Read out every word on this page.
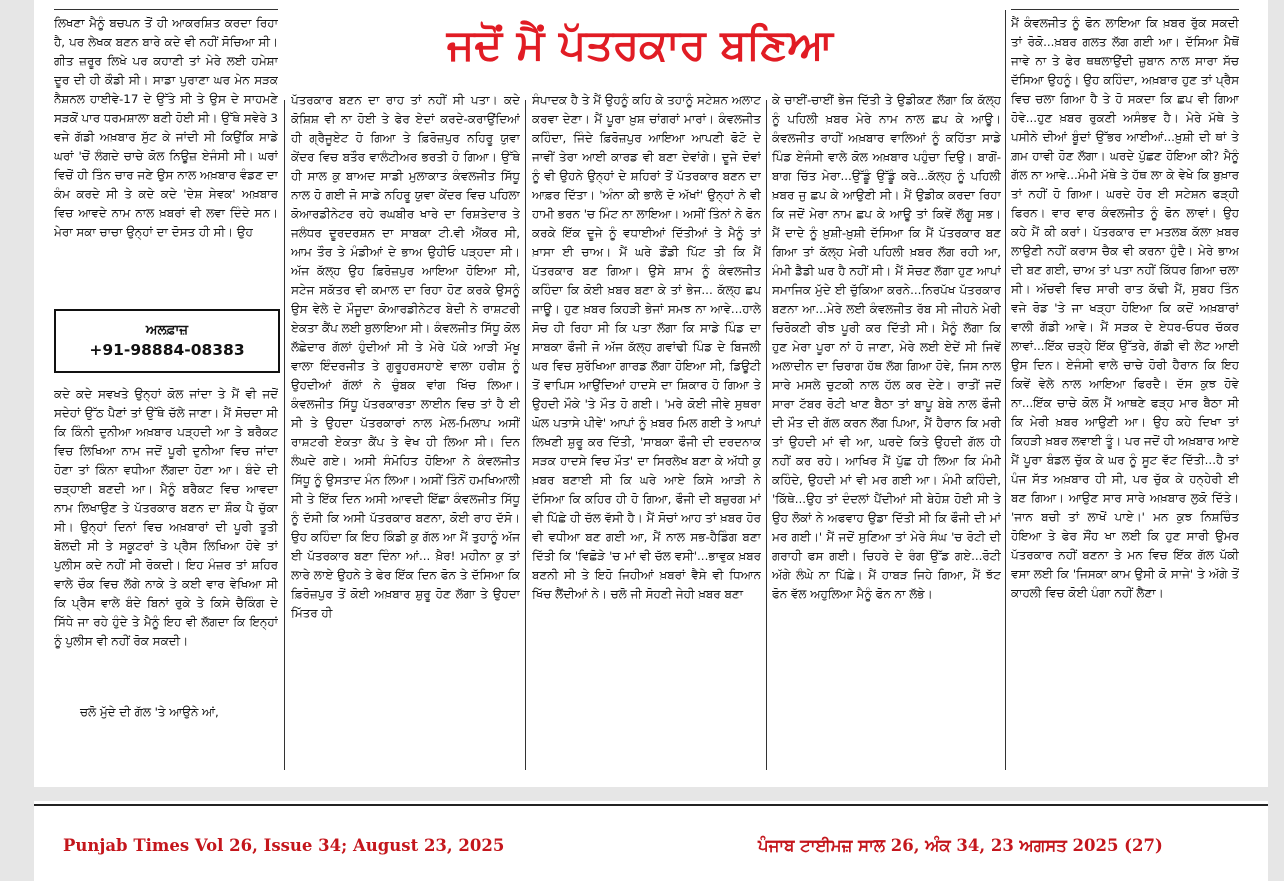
ਜਦੋਂ ਮੈਂ ਪੱਤਰਕਾਰ ਬਣਿਆ

ਲਿਖਣਾ ਮੈਨੂੰ ਬਚਪਨ ਤੋਂ ਹੀ ਆਕਰਸ਼ਿਤ ਕਰਦਾ ਰਿਹਾ ਹੈ, ਪਰ ਲੇਖਕ ਬਣਨ ਬਾਰੇ ਕਦੇ ਵੀ ਨਹੀਂ ਸੋਚਿਆ ਸੀ। ਗੀਤ ਜ਼ਰੂਰ ਲਿਖੇ ਪਰ ਕਹਾਣੀ ਤਾਂ ਮੇਰੇ ਲਈ ਹਮੇਸ਼ਾ ਦੂਰ ਦੀ ਹੀ ਕੌਡੀ ਸੀ। ਸਾਡਾ ਪੁਰਾਣਾ ਘਰ ਮੇਨ ਸੜਕ ਨੈਸ਼ਨਲ ਹਾਈਵੇ-17 ਦੇ ਉੱਤੇ ਸੀ ਤੇ ਉਸ ਦੇ ਸਾਹਮਣੇ ਸੜਕੋਂ ਪਾਰ ਧਰਮਸ਼ਾਲਾ ਬਣੀ ਹੋਈ ਸੀ। ਉੱਥੇ ਸਵੇਰੇ 3 ਵਜੇ ਗੱਡੀ ਅਖ਼ਬਾਰ ਸੁੱਟ ਕੇ ਜਾਂਦੀ ਸੀ ਕਿਉਂਕਿ ਸਾਡੇ ਘਰਾਂ 'ਚੋਂ ਲੰਗਦੇ ਚਾਚੇ ਕੋਲ ਨਿਊਜ਼ ਏਜੰਸੀ ਸੀ। ਘਰਾਂ ਵਿਚੋਂ ਹੀ ਤਿੰਨ ਚਾਰ ਜਣੇ ਉਸ ਨਾਲ ਅਖ਼ਬਾਰ ਵੰਡਣ ਦਾ ਕੰਮ ਕਰਦੇ ਸੀ ਤੇ ਕਦੇ ਕਦੇ 'ਦੇਸ਼ ਸੇਵਕ' ਅਖ਼ਬਾਰ ਵਿਚ ਆਵਦੇ ਨਾਮ ਨਾਲ ਖ਼ਬਰਾਂ ਵੀ ਲਵਾ ਦਿੰਦੇ ਸਨ। ਮੇਰਾ ਸਕਾ ਚਾਚਾ ਉਨ੍ਹਾਂ ਦਾ ਦੋਸਤ ਹੀ ਸੀ। ਉਹ

ਅਲਫ਼ਾਜ਼
+91-98884-08383

ਕਦੇ ਕਦੇ ਸਵਖਤੇ ਉਨ੍ਹਾਂ ਕੋਲ ਜਾਂਦਾ ਤੇ ਮੈਂ ਵੀ ਜਦੋਂ ਸਦੇਹਾਂ ਉੱਠ ਪੈਣਾਂ ਤਾਂ ਉੱਥੇ ਚੱਲੇ ਜਾਣਾ। ਮੈਂ ਸੋਚਦਾ ਸੀ ਕਿ ਕਿੰਨੀ ਦੁਨੀਆ ਅਖ਼ਬਾਰ ਪੜ੍ਹਦੀ ਆ ਤੇ ਬਰੈਕਟ ਵਿਚ ਲਿਖਿਆ ਨਾਮ ਜਦੋਂ ਪੂਰੀ ਦੁਨੀਆ ਵਿਚ ਜਾਂਦਾ ਹੋਣਾ ਤਾਂ ਕਿੰਨਾ ਵਧੀਆ ਲੱਗਦਾ ਹੋਣਾ ਆ। ਬੰਦੇ ਦੀ ਚੜ੍ਹਾਈ ਬਣਦੀ ਆ। ਮੈਨੂੰ ਬਰੈਕਟ ਵਿਚ ਆਵਦਾ ਨਾਮ ਲਿਖਾਉਣ ਤੇ ਪੱਤਰਕਾਰ ਬਣਨ ਦਾ ਸ਼ੌਕ ਪੈ ਚੁੱਕਾ ਸੀ। ਉਨ੍ਹਾਂ ਦਿਨਾਂ ਵਿਚ ਅਖ਼ਬਾਰਾਂ ਦੀ ਪੂਰੀ ਤੂਤੀ ਬੋਲਦੀ ਸੀ ਤੇ ਸਕੂਟਰਾਂ ਤੇ ਪ੍ਰੈਸ ਲਿਖਿਆ ਹੋਵੇ ਤਾਂ ਪੁਲੀਸ ਕਦੇ ਨਹੀਂ ਸੀ ਰੋਕਦੀ। ਇਹ ਮੰਜ਼ਰ ਤਾਂ ਸ਼ਹਿਰ ਵਾਲੇ ਚੌਕ ਵਿਚ ਲੱਗੇ ਨਾਕੇ ਤੇ ਕਈ ਵਾਰ ਵੇਖਿਆ ਸੀ ਕਿ ਪ੍ਰੈਸ ਵਾਲੇ ਬੰਦੇ ਬਿਨਾਂ ਰੁਕੇ ਤੇ ਕਿਸੇ ਚੈਕਿੰਗ ਦੇ ਸਿੱਧੇ ਜਾ ਰਹੇ ਹੁੰਦੇ ਤੇ ਮੈਨੂੰ ਇਹ ਵੀ ਲੱਗਦਾ ਕਿ ਇਨ੍ਹਾਂ ਨੂੰ ਪੁਲੀਸ ਵੀ ਨਹੀਂ ਰੋਕ ਸਕਦੀ।

ਚਲੋ ਮੁੱਦੇ ਦੀ ਗੱਲ 'ਤੇ ਆਉਨੇ ਆਂ,

ਪੱਤਰਕਾਰ ਬਣਨ ਦਾ ਰਾਹ ਤਾਂ ਨਹੀਂ ਸੀ ਪਤਾ। ਕਦੇ ਕੋਸ਼ਿਸ਼ ਵੀ ਨਾ ਹੋਈ ਤੇ ਫੇਰ ਏਦਾਂ ਕਰਦੇ-ਕਰਾਉਂਦਿਆਂ ਹੀ ਗ੍ਰੈਜੂਏਟ ਹੋ ਗਿਆ ਤੇ ਫ਼ਿਰੋਜ਼ਪੁਰ ਨਹਿਰੂ ਯੁਵਾ ਕੇਂਦਰ ਵਿਚ ਬਤੌਰ ਵਾਲੰਟੀਅਰ ਭਰਤੀ ਹੋ ਗਿਆ। ਉੱਥੇ ਹੀ ਸਾਲ ਕੁ ਬਾਅਦ ਸਾਡੀ ਮੁਲਾਕਾਤ ਕੰਵਲਜੀਤ ਸਿੱਧੂ ਨਾਲ ਹੋ ਗਈ ਜੋ ਸਾਡੇ ਨਹਿਰੂ ਯੁਵਾ ਕੇਂਦਰ ਵਿਚ ਪਹਿਲਾ ਕੋਆਰਡੀਨੇਟਰ ਰਹੇ ਰਘਬੀਰ ਖਾਰੇ ਦਾ ਰਿਸ਼ਤੇਦਾਰ ਤੇ ਜਲੰਧਰ ਦੂਰਦਰਸ਼ਨ ਦਾ ਸਾਬਕਾ ਟੀ.ਵੀ ਐਂਕਰ ਸੀ, ਆਮ ਤੌਰ ਤੇ ਮੰਡੀਆਂ ਦੇ ਭਾਅ ਉਹੀਓ ਪੜ੍ਹਦਾ ਸੀ। ਅੱਜ ਕੱਲ੍ਹ ਉਹ ਫ਼ਿਰੋਜ਼ਪੁਰ ਆਇਆ ਹੋਇਆ ਸੀ, ਸਟੇਜ ਸਕੱਤਰ ਵੀ ਕਮਾਲ ਦਾ ਰਿਹਾ ਹੋਣ ਕਰਕੇ ਉਸਨੂੰ ਉਸ ਵੇਲੇ ਦੇ ਮੌਜੂਦਾ ਕੋਆਰਡੀਨੇਟਰ ਬੇਦੀ ਨੇ ਰਾਸ਼ਟਰੀ ਏਕਤਾ ਕੈਂਪ ਲਈ ਬੁਲਾਇਆ ਸੀ। ਕੰਵਲਜੀਤ ਸਿੱਧੂ ਕੋਲ ਲੱਛੇਦਾਰ ਗੱਲਾਂ ਹੁੰਦੀਆਂ ਸੀ ਤੇ ਮੇਰੇ ਪੱਕੇ ਆੜੀ ਮੱਖੂ ਵਾਲਾ ਇੰਦਰਜੀਤ ਤੇ ਗੁਰੂਹਰਸਹਾਏ ਵਾਲਾ ਹਰੀਸ਼ ਨੂੰ ਉਹਦੀਆਂ ਗੱਲਾਂ ਨੇ ਚੁੰਬਕ ਵਾਂਗ ਖਿੱਚ ਲਿਆ। ਕੰਵਲਜੀਤ ਸਿੱਧੂ ਪੱਤਰਕਾਰਤਾ ਲਾਈਨ ਵਿਚ ਤਾਂ ਹੈ ਈ ਸੀ ਤੇ ਉਹਦਾ ਪੱਤਰਕਾਰਾਂ ਨਾਲ ਮੇਲ-ਮਿਲਾਪ ਅਸੀਂ ਰਾਸ਼ਟਰੀ ਏਕਤਾ ਕੈਂਪ ਤੇ ਵੇਖ ਹੀ ਲਿਆ ਸੀ। ਦਿਨ ਲੰਘਦੇ ਗਏ। ਅਸੀ ਸੰਮੋਹਿਤ ਹੋਇਆ ਨੇ ਕੰਵਲਜੀਤ ਸਿੱਧੂ ਨੂੰ ਉਸਤਾਦ ਮੰਨ ਲਿਆ। ਅਸੀਂ ਤਿੰਨੋਂ ਹਮਖਿਆਲੀ ਸੀ ਤੇ ਇੱਕ ਦਿਨ ਅਸੀ ਆਵਦੀ ਇੱਛਾ ਕੰਵਲਜੀਤ ਸਿੱਧੂ ਨੂੰ ਦੱਸੀ ਕਿ ਅਸੀ ਪੱਤਰਕਾਰ ਬਣਨਾ, ਕੋਈ ਰਾਹ ਦੱਸੋ। ਉਹ ਕਹਿੰਦਾ ਕਿ ਇਹ ਕਿੰਡੀ ਕੁ ਗੱਲ ਆ ਮੈਂ ਤੁਹਾਨੂੰ ਅੱਜ ਈ ਪੱਤਰਕਾਰ ਬਣਾ ਦਿੰਨਾ ਆਂ... ਖ਼ੈਰ! ਮਹੀਨਾ ਕੁ ਤਾਂ ਲਾਰੇ ਲਾਏ ਉਹਨੇ ਤੇ ਫੇਰ ਇੱਕ ਦਿਨ ਫੋਨ ਤੇ ਦੱਸਿਆ ਕਿ ਫ਼ਿਰੋਜ਼ਪੁਰ ਤੋਂ ਕੋਈ ਅਖ਼ਬਾਰ ਸ਼ੁਰੂ ਹੋਣ ਲੱਗਾ ਤੇ ਉਹਦਾ ਮਿੱਤਰ ਹੀ

ਸੰਪਾਦਕ ਹੈ ਤੇ ਮੈਂ ਉਹਨੂੰ ਕਹਿ ਕੇ ਤਹਾਨੂੰ ਸਟੇਸ਼ਨ ਅਲਾਟ ਕਰਵਾ ਦੇਣਾ। ਮੈਂ ਪੂਰਾ ਖ਼ੁਸ਼ ਚਾਂਗਰਾਂ ਮਾਰਾਂ। ਕੰਵਲਜੀਤ ਕਹਿੰਦਾ, ਜਿੰਦੇ ਫ਼ਿਰੋਜ਼ਪੁਰ ਆਇਆ ਆਪਣੀ ਫੋਟੋ ਦੇ ਜਾਵੀਂ ਤੇਰਾ ਆਈ ਕਾਰਡ ਵੀ ਬਣਾ ਦੇਵਾਂਗੇ। ਦੂਜੇ ਦੋਵਾਂ ਨੂੰ ਵੀ ਉਹਨੇ ਉਨ੍ਹਾਂ ਦੇ ਸ਼ਹਿਰਾਂ ਤੋਂ ਪੱਤਰਕਾਰ ਬਣਨ ਦਾ ਆਫ਼ਰ ਦਿੱਤਾ। 'ਅੰਨਾ ਕੀ ਭਾਲੇ ਦੋ ਅੱਖਾਂ' ਉਨ੍ਹਾਂ ਨੇ ਵੀ ਹਾਮੀ ਭਰਨ 'ਚ ਮਿੰਟ ਨਾ ਲਾਇਆ। ਅਸੀਂ ਤਿੰਨਾਂ ਨੇ ਫੋਨ ਕਰਕੇ ਇੱਕ ਦੂਜੇ ਨੂੰ ਵਧਾਈਆਂ ਦਿੱਤੀਆਂ ਤੇ ਮੈਨੂੰ ਤਾਂ ਖ਼ਾਸਾ ਈ ਚਾਅ। ਮੈਂ ਘਰੇ ਡੌਂਡੀ ਪਿੱਟ ਤੀ ਕਿ ਮੈਂ ਪੱਤਰਕਾਰ ਬਣ ਗਿਆ। ਉਸੇ ਸ਼ਾਮ ਨੂੰ ਕੰਵਲਜੀਤ ਕਹਿੰਦਾ ਕਿ ਕੋਈ ਖ਼ਬਰ ਬਣਾ ਕੇ ਤਾਂ ਭੇਜ... ਕੱਲ੍ਹ ਛਪ ਜਾਊ। ਹੁਣ ਖ਼ਬਰ ਕਿਹੜੀ ਭੇਜਾਂ ਸਮਝ ਨਾ ਆਵੇ...ਹਾਲੇ ਸੋਚ ਹੀ ਰਿਹਾ ਸੀ ਕਿ ਪਤਾ ਲੱਗਾ ਕਿ ਸਾਡੇ ਪਿੰਡ ਦਾ ਸਾਬਕਾ ਫੌਜੀ ਜੋ ਅੱਜ ਕੱਲ੍ਹ ਗਵਾਂਢੀ ਪਿੰਡ ਦੇ ਬਿਜਲੀ ਘਰ ਵਿਚ ਸੁਰੱਖਿਆ ਗਾਰਡ ਲੱਗਾ ਹੋਇਆ ਸੀ, ਡਿਊਟੀ ਤੋਂ ਵਾਪਿਸ ਆਉਂਦਿਆਂ ਹਾਦਸੇ ਦਾ ਸ਼ਿਕਾਰ ਹੋ ਗਿਆ ਤੇ ਉਹਦੀ ਮੌਕੇ 'ਤੇ ਮੌਤ ਹੋ ਗਈ। 'ਮਰੇ ਕੋਈ ਜੀਵੇ ਸੁਥਰਾ ਘੋਲ ਪਤਾਸੇ ਪੀਵੇ' ਆਪਾਂ ਨੂੰ ਖ਼ਬਰ ਮਿਲ ਗਈ ਤੇ ਆਪਾਂ ਲਿਖਣੀ ਸ਼ੁਰੂ ਕਰ ਦਿੱਤੀ, 'ਸਾਬਕਾ ਫੌਜੀ ਦੀ ਦਰਦਨਾਕ ਸੜਕ ਹਾਦਸੇ ਵਿਚ ਮੌਤ' ਦਾ ਸਿਰਲੇਖ ਬਣਾ ਕੇ ਅੱਧੀ ਕੁ ਖ਼ਬਰ ਬਣਾਈ ਸੀ ਕਿ ਘਰੇ ਆਏ ਕਿਸੇ ਆੜੀ ਨੇ ਦੱਸਿਆ ਕਿ ਕਹਿਰ ਹੀ ਹੋ ਗਿਆ, ਫੌਜੀ ਦੀ ਬਜ਼ੁਰਗ ਮਾਂ ਵੀ ਪਿੱਛੇ ਹੀ ਚੱਲ ਵੱਸੀ ਹੈ। ਮੈਂ ਸੋਚਾਂ ਆਹ ਤਾਂ ਖ਼ਬਰ ਹੋਰ ਵੀ ਵਧੀਆ ਬਣ ਗਈ ਆ, ਮੈਂ ਨਾਲ ਸਭ-ਹੈਡਿੰਗ ਬਣਾ ਦਿੱਤੀ ਕਿ 'ਵਿਛੋੜੇ 'ਚ ਮਾਂ ਵੀ ਚੱਲ ਵਸੀ'...ਭਾਵੁਕ ਖ਼ਬਰ ਬਣਨੀ ਸੀ ਤੇ ਇਹੋ ਜਿਹੀਆਂ ਖ਼ਬਰਾਂ ਵੈਸੇ ਵੀ ਧਿਆਨ ਖਿੱਚ ਲੈਂਦੀਆਂ ਨੇ। ਚਲੋ ਜੀ ਸੋਹਣੀ ਜੇਹੀ ਖ਼ਬਰ ਬਣਾ

ਕੇ ਚਾਈਂ-ਚਾਈਂ ਭੇਜ ਦਿੱਤੀ ਤੇ ਉਡੀਕਣ ਲੱਗਾ ਕਿ ਕੱਲ੍ਹ ਨੂੰ ਪਹਿਲੀ ਖ਼ਬਰ ਮੇਰੇ ਨਾਮ ਨਾਲ ਛਪ ਕੇ ਆਊ। ਕੰਵਲਜੀਤ ਰਾਹੀਂ ਅਖ਼ਬਾਰ ਵਾਲਿਆਂ ਨੂੰ ਕਹਿੱਤਾ ਸਾਡੇ ਪਿੰਡ ਏਜੰਸੀ ਵਾਲੇ ਕੋਲ ਅਖ਼ਬਾਰ ਪਹੁੰਚਾ ਦਿਉ। ਬਾਗੋਂ-ਬਾਗ ਚਿੱਤ ਮੇਰਾ...ਉੱਡੂੰ ਉੱਡੂੰ ਕਰੇ...ਕੱਲ੍ਹ ਨੂੰ ਪਹਿਲੀ ਖ਼ਬਰ ਜੁ ਛਪ ਕੇ ਆਉਣੀ ਸੀ। ਮੈਂ ਉਡੀਕ ਕਰਦਾ ਰਿਹਾ ਕਿ ਜਦੋਂ ਮੇਰਾ ਨਾਮ ਛਪ ਕੇ ਆਊ ਤਾਂ ਕਿਵੇਂ ਲੱਗੂ ਸਭ। ਮੈਂ ਦਾਦੇ ਨੂੰ ਖ਼ੁਸ਼ੀ-ਖ਼ੁਸ਼ੀ ਦੱਸਿਆ ਕਿ ਮੈਂ ਪੱਤਰਕਾਰ ਬਣ ਗਿਆ ਤਾਂ ਕੱਲ੍ਹ ਮੇਰੀ ਪਹਿਲੀ ਖ਼ਬਰ ਲੱਗ ਰਹੀ ਆ, ਮੰਮੀ ਡੈਡੀ ਘਰ ਹੈ ਨਹੀਂ ਸੀ। ਮੈਂ ਸੋਚਣ ਲੱਗਾ ਹੁਣ ਆਪਾਂ ਸਮਾਜਿਕ ਮੁੱਦੇ ਈ ਚੁੱਕਿਆ ਕਰਨੇ...ਨਿਰਪੱਖ ਪੱਤਰਕਾਰ ਬਣਨਾ ਆ...ਮੇਰੇ ਲਈ ਕੰਵਲਜੀਤ ਰੱਬ ਸੀ ਜੀਹਨੇ ਮੇਰੀ ਚਿਰੋਕਣੀ ਰੀਝ ਪੂਰੀ ਕਰ ਦਿੱਤੀ ਸੀ। ਮੈਨੂੰ ਲੱਗਾ ਕਿ ਹੁਣ ਮੇਰਾ ਪੂਰਾ ਨਾਂ ਹੋ ਜਾਣਾ, ਮੇਰੇ ਲਈ ਏਦੇਂ ਸੀ ਜਿਵੇਂ ਅਲਾਦੀਨ ਦਾ ਚਿਰਾਗ ਹੱਥ ਲੱਗ ਗਿਆ ਹੋਵੇ, ਜਿਸ ਨਾਲ ਸਾਰੇ ਮਸਲੇ ਚੁਟਕੀ ਨਾਲ ਹੱਲ ਕਰ ਦੇਣੇ। ਰਾਤੀਂ ਜਦੋਂ ਸਾਰਾ ਟੱਬਰ ਰੋਟੀ ਖਾਣ ਬੈਠਾ ਤਾਂ ਬਾਪੂ ਬੇਬੇ ਨਾਲ ਫੌਜੀ ਦੀ ਮੌਤ ਦੀ ਗੱਲ ਕਰਨ ਲੱਗ ਪਿਆ, ਮੈਂ ਹੈਰਾਨ ਕਿ ਮਰੀ ਤਾਂ ਉਹਦੀ ਮਾਂ ਵੀ ਆ, ਘਰਦੇ ਕਿਤੇ ਉਹਦੀ ਗੱਲ ਹੀ ਨਹੀਂ ਕਰ ਰਹੇ। ਆਖਿਰ ਮੈਂ ਪੁੱਛ ਹੀ ਲਿਆ ਕਿ ਮੰਮੀ ਕਹਿੰਦੇ, ਉਹਦੀ ਮਾਂ ਵੀ ਮਰ ਗਈ ਆ। ਮੰਮੀ ਕਹਿੰਦੀ, 'ਕਿੱਥੇ...ਉਹ ਤਾਂ ਦੰਦਲਾਂ ਪੈਂਦੀਆਂ ਸੀ ਬੇਹੋਸ਼ ਹੋਈ ਸੀ ਤੇ ਉਹ ਲੋਕਾਂ ਨੇ ਅਫਵਾਹ ਉਡਾ ਦਿੱਤੀ ਸੀ ਕਿ ਫੌਜੀ ਦੀ ਮਾਂ ਮਰ ਗਈ।' ਮੈਂ ਜਦੋਂ ਸੁਣਿਆ ਤਾਂ ਮੇਰੇ ਸੰਘ 'ਚ ਰੋਟੀ ਦੀ ਗਰਾਹੀ ਫਸ ਗਈ। ਚਿਹਰੇ ਦੇ ਰੰਗ ਉੱਡ ਗਏ...ਰੋਟੀ ਅੱਗੇ ਲੰਘੇ ਨਾ ਪਿੱਛੇ। ਮੈਂ ਹਾਬੜ ਜਿਹੇ ਗਿਆ, ਮੈਂ ਝੱਟ ਫੋਨ ਵੱਲ ਅਹੁਲਿਆ ਮੈਨੂੰ ਫੋਨ ਨਾ ਲੱਭੇ।

ਮੈਂ ਕੰਵਲਜੀਤ ਨੂੰ ਫੋਨ ਲਾਇਆ ਕਿ ਖ਼ਬਰ ਰੁੱਕ ਸਕਦੀ ਤਾਂ ਰੋਕੋ...ਖ਼ਬਰ ਗਲਤ ਲੱਗ ਗਈ ਆ। ਦੱਸਿਆ ਮੈਥੋਂ ਜਾਵੇ ਨਾ ਤੇ ਫੇਰ ਥਥਲਾਉਂਦੀ ਜ਼ੁਬਾਨ ਨਾਲ ਸਾਰਾ ਸੱਚ ਦੱਸਿਆ ਉਹਨੂੰ। ਉਹ ਕਹਿੰਦਾ, ਅਖ਼ਬਾਰ ਹੁਣ ਤਾਂ ਪ੍ਰੈਸ ਵਿਚ ਚਲਾ ਗਿਆ ਹੈ ਤੇ ਹੋ ਸਕਦਾ ਕਿ ਛਪ ਵੀ ਗਿਆ ਹੋਵੇ...ਹੁਣ ਖ਼ਬਰ ਰੁਕਣੀ ਅਸੰਭਵ ਹੈ। ਮੇਰੇ ਮੱਥੇ ਤੇ ਪਸੀਨੇ ਦੀਆਂ ਬੂੰਦਾਂ ਉੱਭਰ ਆਈਆਂ...ਖ਼ੁਸ਼ੀ ਦੀ ਥਾਂ ਤੇ ਗ਼ਮ ਹਾਵੀ ਹੋਣ ਲੱਗਾ। ਘਰਦੇ ਪੁੱਛਣ ਹੋਇਆ ਕੀ? ਮੈਨੂੰ ਗੱਲ ਨਾ ਆਵੇ...ਮੰਮੀ ਮੱਥੇ ਤੇ ਹੱਥ ਲਾ ਕੇ ਵੇਖੇ ਕਿ ਬੁਖ਼ਾਰ ਤਾਂ ਨਹੀਂ ਹੋ ਗਿਆ। ਘਰਦੇ ਹੋਰ ਈ ਸਟੇਸ਼ਨ ਫੜ੍ਹੀ ਫਿਰਨ। ਵਾਰ ਵਾਰ ਕੰਵਲਜੀਤ ਨੂੰ ਫੋਨ ਲਾਵਾਂ। ਉਹ ਕਹੇ ਮੈਂ ਕੀ ਕਰਾਂ। ਪੱਤਰਕਾਰ ਦਾ ਮਤਲਬ ਕੱਲਾ ਖ਼ਬਰ ਲਾਉਣੀ ਨਹੀਂ ਕਰਾਸ ਚੈਕ ਵੀ ਕਰਨਾ ਹੁੰਦੈ। ਮੇਰੇ ਭਾਅ ਦੀ ਬਣ ਗਈ, ਚਾਅ ਤਾਂ ਪਤਾ ਨਹੀਂ ਕਿੱਧਰ ਗਿਆ ਚਲਾ ਸੀ। ਅੱਚਵੀ ਵਿਚ ਸਾਰੀ ਰਾਤ ਕੱਢੀ ਮੈਂ, ਸੁਬਹ ਤਿੰਨ ਵਜੇ ਰੋਡ 'ਤੇ ਜਾ ਖੜ੍ਹਾ ਹੋਇਆ ਕਿ ਕਦੋਂ ਅਖ਼ਬਾਰਾਂ ਵਾਲੀ ਗੱਡੀ ਆਵੇ। ਮੈਂ ਸੜਕ ਦੇ ਏਧਰ-ਓਧਰ ਚੱਕਰ ਲਾਵਾਂ...ਇੱਕ ਚੜ੍ਹੇ ਇੱਕ ਉੱਤਰੇ, ਗੱਡੀ ਵੀ ਲੇਟ ਆਈ ਉਸ ਦਿਨ। ਏਜੰਸੀ ਵਾਲੇ ਚਾਚੇ ਹੋਰੀ ਹੈਰਾਨ ਕਿ ਇਹ ਕਿਵੇਂ ਵੇਲੇ ਨਾਲ ਆਇਆ ਫਿਰਦੈ। ਦੱਸ ਕੁਝ ਹੋਵੇ ਨਾ...ਇੱਕ ਚਾਚੇ ਕੋਲ ਮੈਂ ਆਥਣੇ ਫੜ੍ਹ ਮਾਰ ਬੈਠਾ ਸੀ ਕਿ ਮੇਰੀ ਖ਼ਬਰ ਆਉਣੀ ਆ। ਉਹ ਕਹੇ ਦਿਖਾ ਤਾਂ ਕਿਹੜੀ ਖ਼ਬਰ ਲਵਾਈ ਤੂੰ। ਪਰ ਜਦੋਂ ਹੀ ਅਖ਼ਬਾਰ ਆਏ ਮੈਂ ਪੂਰਾ ਬੰਡਲ ਚੁੱਕ ਕੇ ਘਰ ਨੂੰ ਸੂਟ ਵੱਟ ਦਿੱਤੀ...ਹੈ ਤਾਂ ਪੰਜ ਸੱਤ ਅਖ਼ਬਾਰ ਹੀ ਸੀ, ਪਰ ਚੁੱਕ ਕੇ ਹਨ੍ਹੇਰੀ ਈ ਬਣ ਗਿਆ। ਆਉਣ ਸਾਰ ਸਾਰੇ ਅਖ਼ਬਾਰ ਲੁਕੋ ਦਿੱਤੇ। 'ਜਾਨ ਬਚੀ ਤਾਂ ਲਾਖੋਂ ਪਾਏ।' ਮਨ ਕੁਝ ਨਿਸ਼ਚਿੰਤ ਹੋਇਆ ਤੇ ਫੇਰ ਸੌਂਹ ਖਾ ਲਈ ਕਿ ਹੁਣ ਸਾਰੀ ਉਮਰ ਪੱਤਰਕਾਰ ਨਹੀਂ ਬਣਨਾ ਤੇ ਮਨ ਵਿਚ ਇੱਕ ਗੱਲ ਪੱਕੀ ਵਸਾ ਲਈ ਕਿ 'ਜਿਸਕਾ ਕਾਮ ਉਸੀ ਕੋ ਸਾਜੇ' ਤੇ ਅੱਗੇ ਤੋਂ ਕਾਹਲੀ ਵਿਚ ਕੋਈ ਪੰਗਾ ਨਹੀਂ ਲੈਣਾ।

Punjab Times Vol 26, Issue 34; August 23, 2025	ਪੰਜਾਬ ਟਾਈਮਜ਼ ਸਾਲ 26, ਅੰਕ 34, 23 ਅਗਸਤ 2025 (27)
